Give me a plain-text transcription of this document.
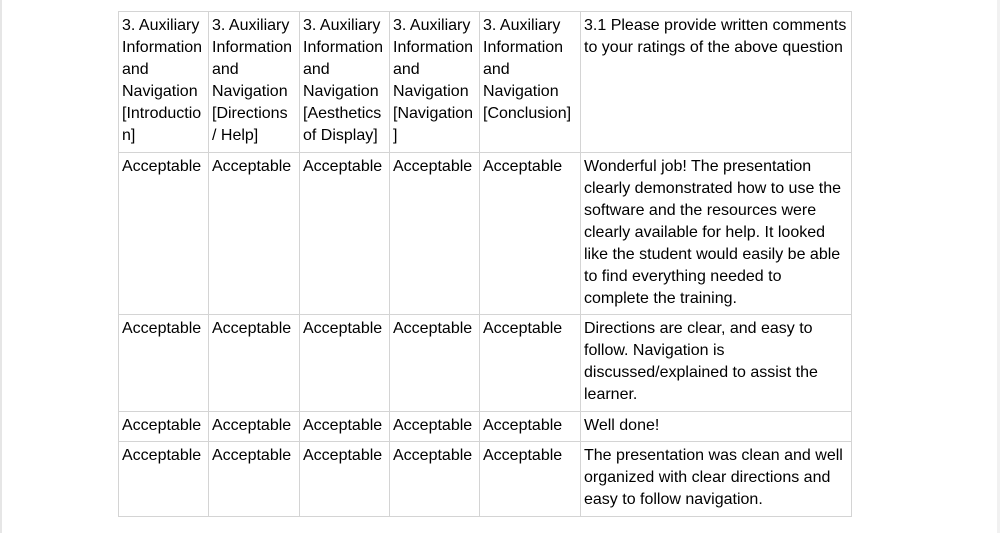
3. Auxiliary Information and Navigation [Introductio n]	3. Auxiliary Information and Navigation [Directions / Help]	3. Auxiliary Information and Navigation [Aesthetics of Display]	3. Auxiliary Information and Navigation [Navigation ]	3. Auxiliary Information and Navigation [Conclusion]	3.1 Please provide written comments to your ratings of the above question

Acceptable	Acceptable	Acceptable	Acceptable	Acceptable	Wonderful job! The presentation clearly demonstrated how to use the software and the resources were clearly available for help. It looked like the student would easily be able to find everything needed to complete the training.

Acceptable	Acceptable	Acceptable	Acceptable	Acceptable	Directions are clear, and easy to follow. Navigation is discussed/explained to assist the learner.

Acceptable	Acceptable	Acceptable	Acceptable	Acceptable	Well done!

Acceptable	Acceptable	Acceptable	Acceptable	Acceptable	The presentation was clean and well organized with clear directions and easy to follow navigation.
